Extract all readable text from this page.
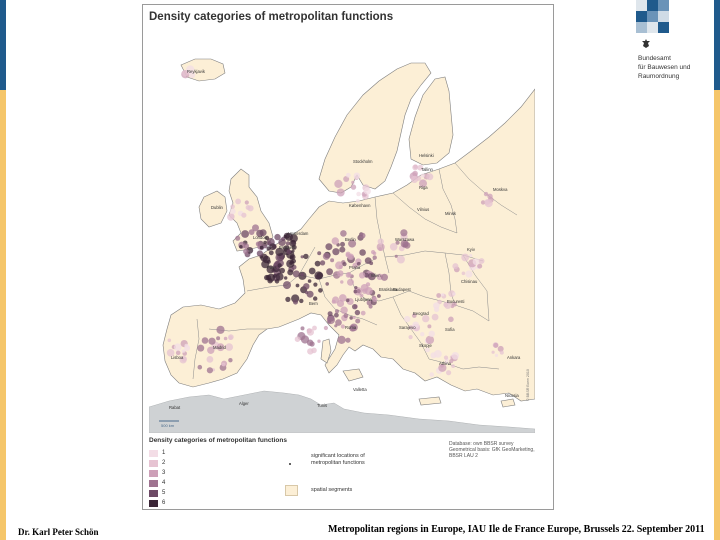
Density categories of metropolitan functions
Reykjavik
Stockholm
Helsinki
Tallinn
Riga	Moskva
Vilnius
Minsk
København
Dublin
London
Amsterdam
Brussels
Berlin	Warszawa
Praha
Wien
Bratislava
Budapest
Bucuresti
Sofia
Beograd
Madrid
Lisboa
Roma
Athina
Ankara
Nicosia
Rabat
Alger	Tunis
Valletta
Skopje
Sarajevo
Ljubljana
Bern
Paris
Kyiv
Chisinau
500 km
© BBSR Bonn 2010
Density categories of metropolitan functions
1
2
3
4
5
6
significant locations of metropolitan functions
spatial segments
Database: own BBSR survey
Geometrical basis: GfK GeoMarketing,
BBSR LAU 2
Bundesamt
für Bauwesen und
Raumordnung
Dr. Karl Peter Schön	Metropolitan regions in Europe, IAU Ile de France Europe, Brussels 22. September 2011
